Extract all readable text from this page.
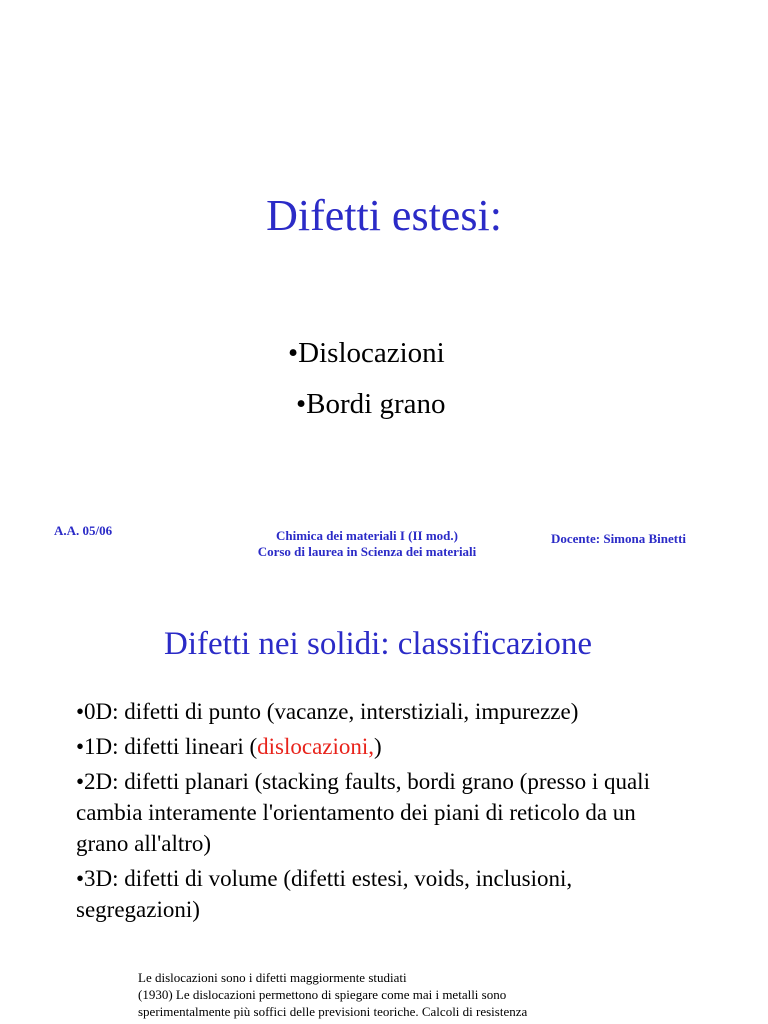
Difetti estesi:
•Dislocazioni
•Bordi grano
A.A. 05/06	Chimica dei materiali I (II mod.)
Corso di laurea in Scienza dei materiali
Docente: Simona Binetti
Difetti nei solidi: classificazione
•0D: difetti di punto (vacanze, interstiziali, impurezze)
•1D: difetti lineari (dislocazioni,)
•2D: difetti planari (stacking faults, bordi grano (presso i quali cambia interamente l'orientamento dei piani di reticolo da un grano all'altro)
•3D: difetti di volume (difetti estesi, voids, inclusioni, segregazioni)
Le dislocazioni sono i difetti maggiormente studiati
(1930) Le dislocazioni permettono di spiegare come mai i metalli sono
sperimentalmente più soffici delle previsioni teoriche. Calcoli di resistenza
